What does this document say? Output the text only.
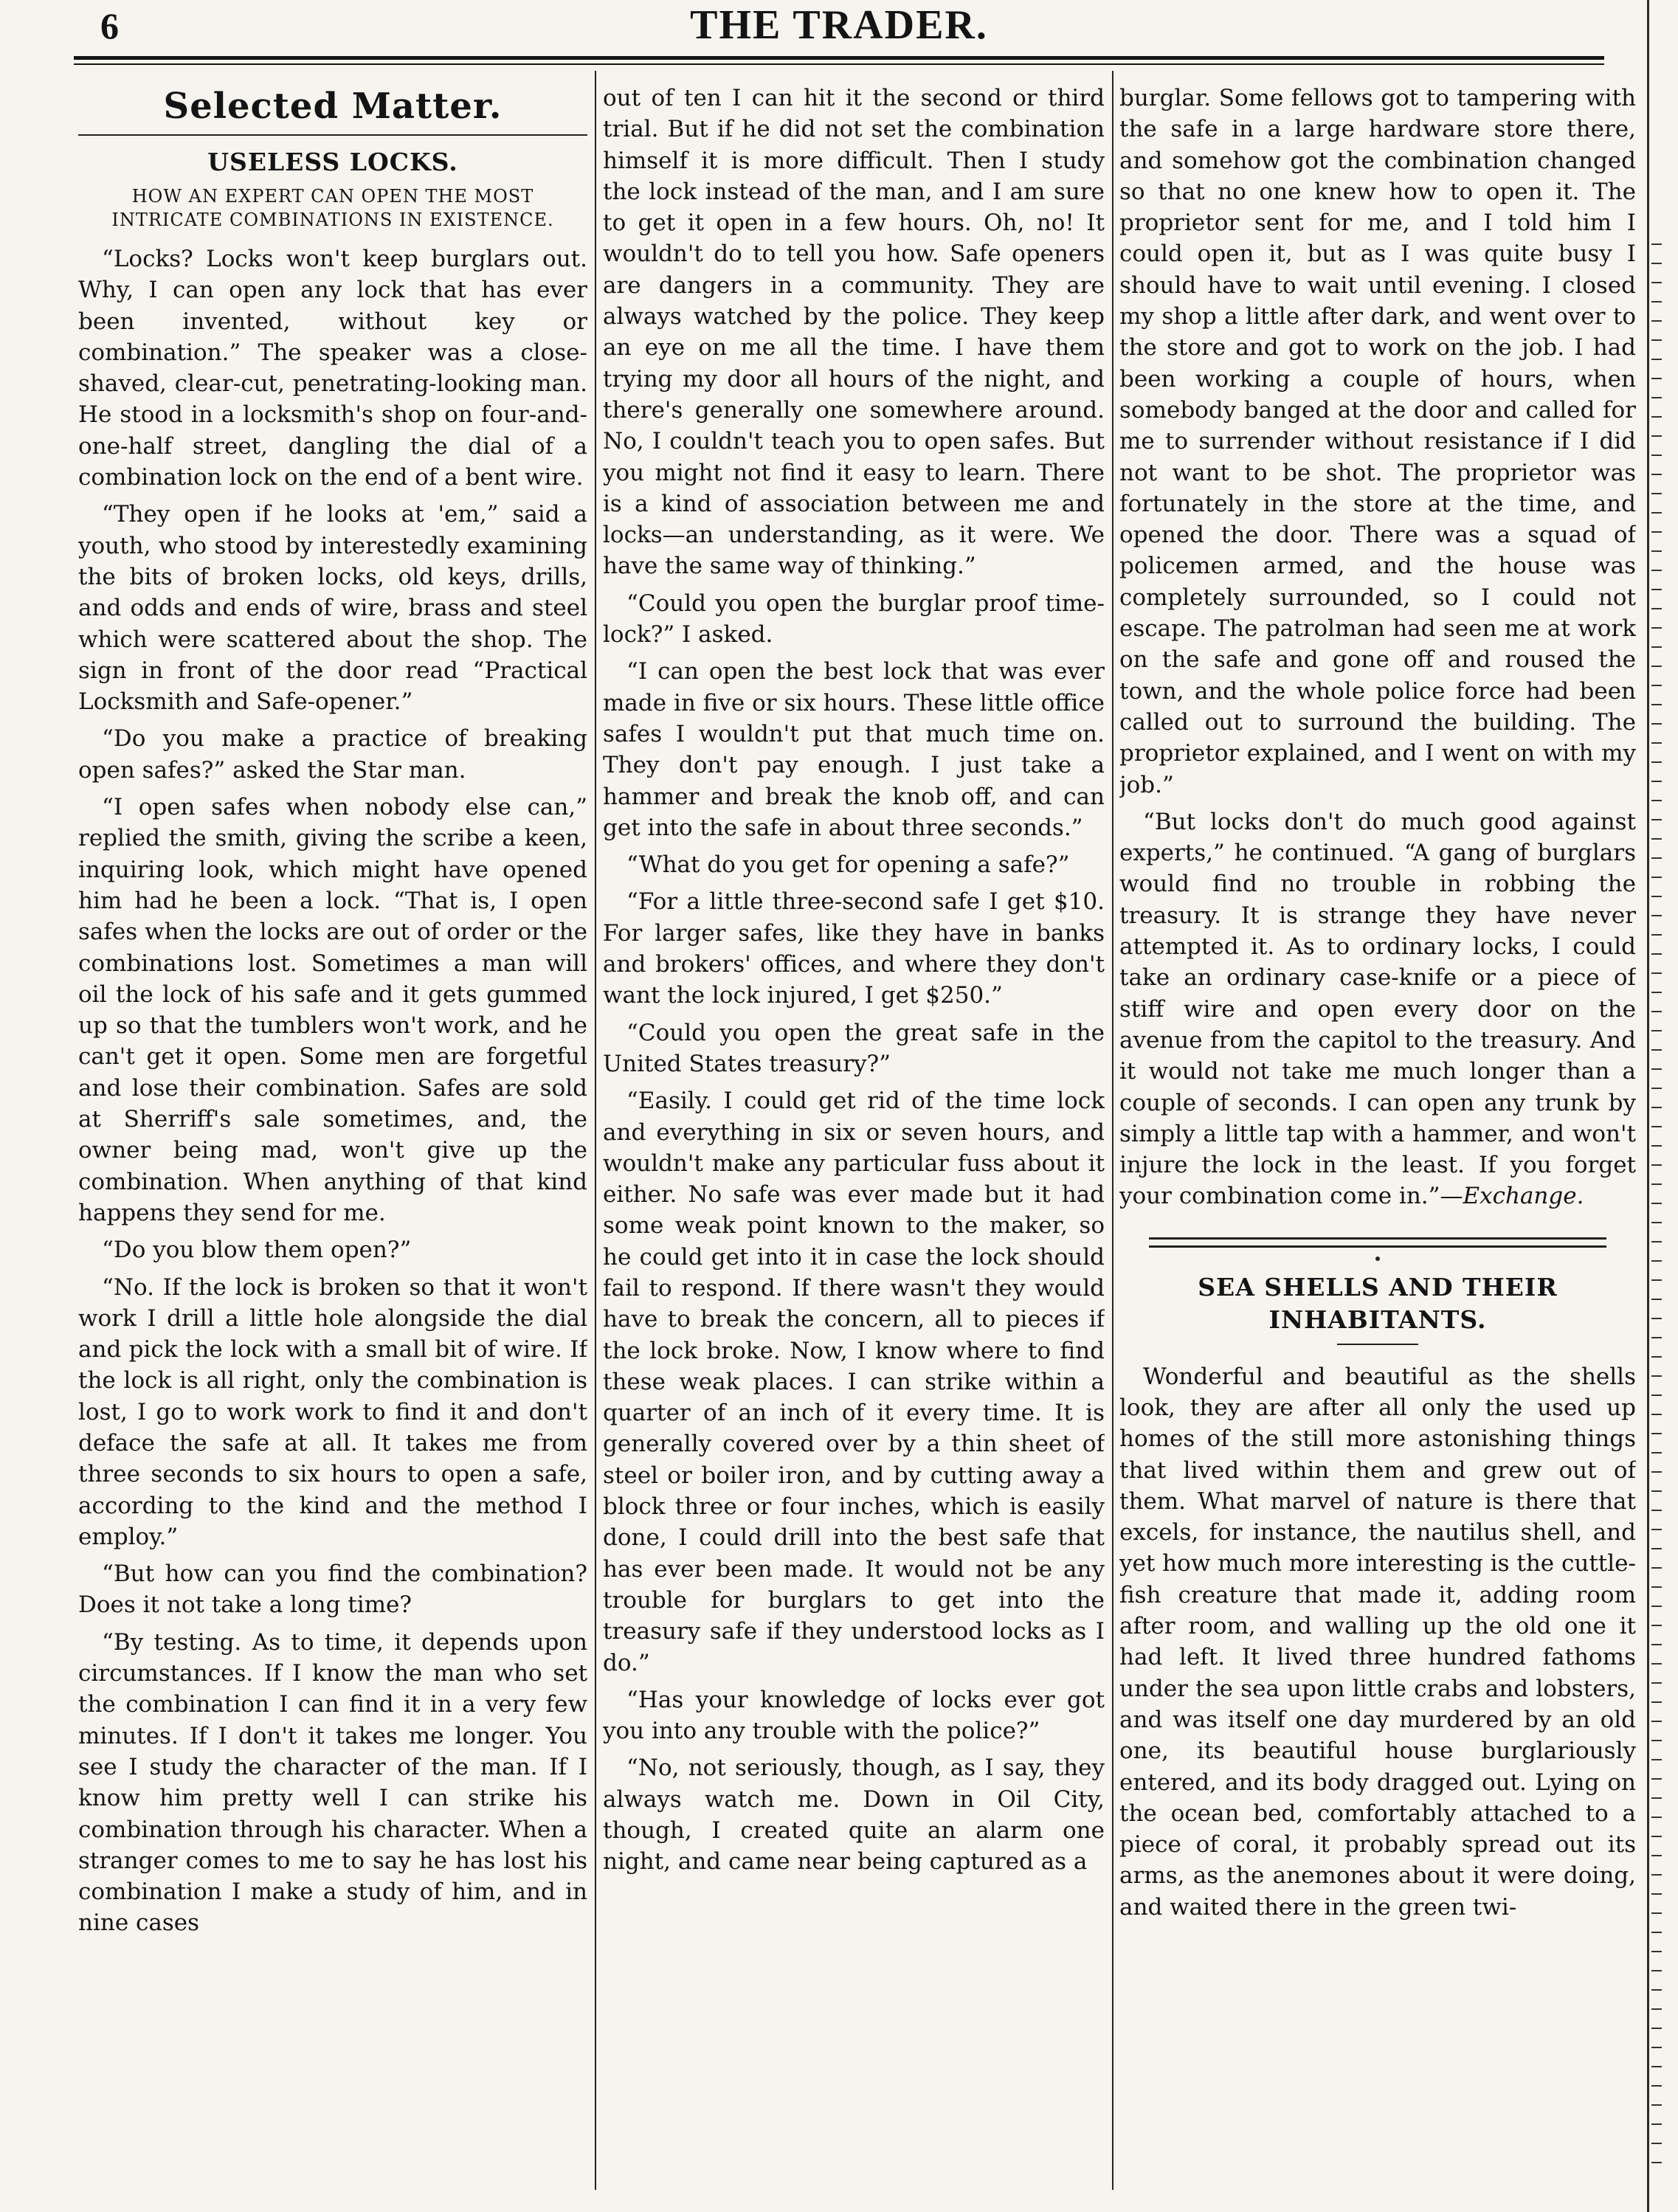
6	THE TRADER.
Selected Matter.
USELESS LOCKS.
HOW AN EXPERT CAN OPEN THE MOST INTRICATE COMBINATIONS IN EXISTENCE.

“Locks? Locks won't keep burglars out. Why, I can open any lock that has ever been invented, without key or combination.” The speaker was a close-shaved, clear-cut, penetrating-looking man. He stood in a locksmith's shop on four-and-one-half street, dangling the dial of a combination lock on the end of a bent wire.

“They open if he looks at 'em,” said a youth, who stood by interestedly examining the bits of broken locks, old keys, drills, and odds and ends of wire, brass and steel which were scattered about the shop. The sign in front of the door read “Practical Locksmith and Safe-opener.”

“Do you make a practice of breaking open safes?” asked the Star man.

“I open safes when nobody else can,” replied the smith, giving the scribe a keen, inquiring look, which might have opened him had he been a lock. “That is, I open safes when the locks are out of order or the combinations lost. Sometimes a man will oil the lock of his safe and it gets gummed up so that the tumblers won't work, and he can't get it open. Some men are forgetful and lose their combination. Safes are sold at Sherriff's sale sometimes, and, the owner being mad, won't give up the combination. When anything of that kind happens they send for me.

“Do you blow them open?”

“No. If the lock is broken so that it won't work I drill a little hole alongside the dial and pick the lock with a small bit of wire. If the lock is all right, only the combination is lost, I go to work work to find it and don't deface the safe at all. It takes me from three seconds to six hours to open a safe, according to the kind and the method I employ.”

“But how can you find the combination? Does it not take a long time?

“By testing. As to time, it depends upon circumstances. If I know the man who set the combination I can find it in a very few minutes. If I don't it takes me longer. You see I study the character of the man. If I know him pretty well I can strike his combination through his character. When a stranger comes to me to say he has lost his combination I make a study of him, and in nine cases

out of ten I can hit it the second or third trial. But if he did not set the combination himself it is more difficult. Then I study the lock instead of the man, and I am sure to get it open in a few hours. Oh, no! It wouldn't do to tell you how. Safe openers are dangers in a community. They are always watched by the police. They keep an eye on me all the time. I have them trying my door all hours of the night, and there's generally one somewhere around. No, I couldn't teach you to open safes. But you might not find it easy to learn. There is a kind of association between me and locks—an understanding, as it were. We have the same way of thinking.”

“Could you open the burglar proof time-lock?” I asked.

“I can open the best lock that was ever made in five or six hours. These little office safes I wouldn't put that much time on. They don't pay enough. I just take a hammer and break the knob off, and can get into the safe in about three seconds.”

“What do you get for opening a safe?”

“For a little three-second safe I get $10. For larger safes, like they have in banks and brokers' offices, and where they don't want the lock injured, I get $250.”

“Could you open the great safe in the United States treasury?”

“Easily. I could get rid of the time lock and everything in six or seven hours, and wouldn't make any particular fuss about it either. No safe was ever made but it had some weak point known to the maker, so he could get into it in case the lock should fail to respond. If there wasn't they would have to break the concern, all to pieces if the lock broke. Now, I know where to find these weak places. I can strike within a quarter of an inch of it every time. It is generally covered over by a thin sheet of steel or boiler iron, and by cutting away a block three or four inches, which is easily done, I could drill into the best safe that has ever been made. It would not be any trouble for burglars to get into the treasury safe if they understood locks as I do.”

“Has your knowledge of locks ever got you into any trouble with the police?”

“No, not seriously, though, as I say, they always watch me. Down in Oil City, though, I created quite an alarm one night, and came near being captured as a

burglar. Some fellows got to tampering with the safe in a large hardware store there, and somehow got the combination changed so that no one knew how to open it. The proprietor sent for me, and I told him I could open it, but as I was quite busy I should have to wait until evening. I closed my shop a little after dark, and went over to the store and got to work on the job. I had been working a couple of hours, when somebody banged at the door and called for me to surrender without resistance if I did not want to be shot. The proprietor was fortunately in the store at the time, and opened the door. There was a squad of policemen armed, and the house was completely surrounded, so I could not escape. The patrolman had seen me at work on the safe and gone off and roused the town, and the whole police force had been called out to surround the building. The proprietor explained, and I went on with my job.”

“But locks don't do much good against experts,” he continued. “A gang of burglars would find no trouble in robbing the treasury. It is strange they have never attempted it. As to ordinary locks, I could take an ordinary case-knife or a piece of stiff wire and open every door on the avenue from the capitol to the treasury. And it would not take me much longer than a couple of seconds. I can open any trunk by simply a little tap with a hammer, and won't injure the lock in the least. If you forget your combination come in.”—Exchange.

SEA SHELLS AND THEIR INHABITANTS.

Wonderful and beautiful as the shells look, they are after all only the used up homes of the still more astonishing things that lived within them and grew out of them. What marvel of nature is there that excels, for instance, the nautilus shell, and yet how much more interesting is the cuttle-fish creature that made it, adding room after room, and walling up the old one it had left. It lived three hundred fathoms under the sea upon little crabs and lobsters, and was itself one day murdered by an old one, its beautiful house burglariously entered, and its body dragged out. Lying on the ocean bed, comfortably attached to a piece of coral, it probably spread out its arms, as the anemones about it were doing, and waited there in the green twi-
